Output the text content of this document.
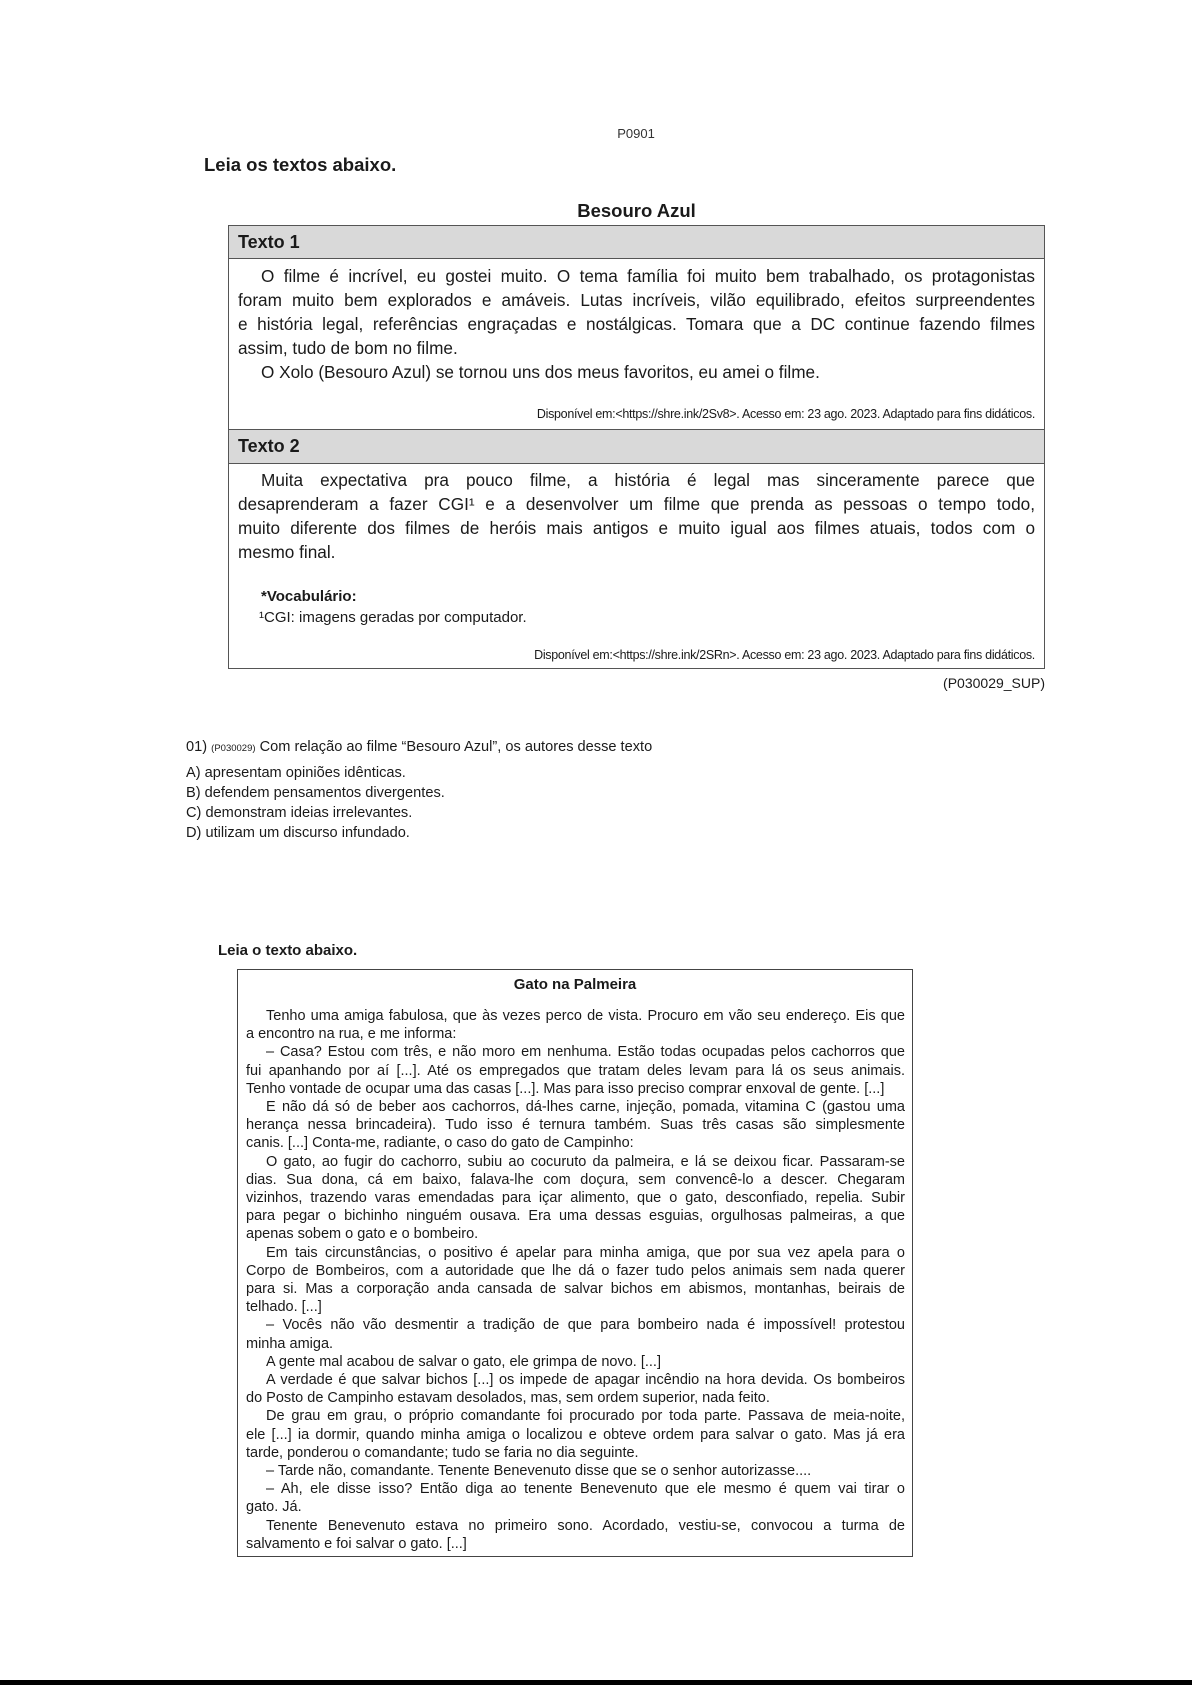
P0901
Leia os textos abaixo.
Besouro Azul
Texto 1
O filme é incrível, eu gostei muito. O tema família foi muito bem trabalhado, os protagonistas
foram muito bem explorados e amáveis. Lutas incríveis, vilão equilibrado, efeitos surpreendentes
e história legal, referências engraçadas e nostálgicas. Tomara que a DC continue fazendo filmes
assim, tudo de bom no filme.
O Xolo (Besouro Azul) se tornou uns dos meus favoritos, eu amei o filme.
Disponível em:<https://shre.ink/2Sv8>. Acesso em: 23 ago. 2023. Adaptado para fins didáticos.
Texto 2
Muita expectativa pra pouco filme, a história é legal mas sinceramente parece que
desaprenderam a fazer CGI¹ e a desenvolver um filme que prenda as pessoas o tempo todo,
muito diferente dos filmes de heróis mais antigos e muito igual aos filmes atuais, todos com o
mesmo final.
*Vocabulário:
¹CGI: imagens geradas por computador.
Disponível em:<https://shre.ink/2SRn>. Acesso em: 23 ago. 2023. Adaptado para fins didáticos.
(P030029_SUP)
01) (P030029) Com relação ao filme “Besouro Azul”, os autores desse texto
A) apresentam opiniões idênticas.
B) defendem pensamentos divergentes.
C) demonstram ideias irrelevantes.
D) utilizam um discurso infundado.
Leia o texto abaixo.
Gato na Palmeira
Tenho uma amiga fabulosa, que às vezes perco de vista. Procuro em vão seu endereço. Eis que
a encontro na rua, e me informa:
– Casa? Estou com três, e não moro em nenhuma. Estão todas ocupadas pelos cachorros que
fui apanhando por aí [...]. Até os empregados que tratam deles levam para lá os seus animais.
Tenho vontade de ocupar uma das casas [...]. Mas para isso preciso comprar enxoval de gente. [...]
E não dá só de beber aos cachorros, dá-lhes carne, injeção, pomada, vitamina C (gastou uma
herança nessa brincadeira). Tudo isso é ternura também. Suas três casas são simplesmente
canis. [...] Conta-me, radiante, o caso do gato de Campinho:
O gato, ao fugir do cachorro, subiu ao cocuruto da palmeira, e lá se deixou ficar. Passaram-se
dias. Sua dona, cá em baixo, falava-lhe com doçura, sem convencê-lo a descer. Chegaram
vizinhos, trazendo varas emendadas para içar alimento, que o gato, desconfiado, repelia. Subir
para pegar o bichinho ninguém ousava. Era uma dessas esguias, orgulhosas palmeiras, a que
apenas sobem o gato e o bombeiro.
Em tais circunstâncias, o positivo é apelar para minha amiga, que por sua vez apela para o
Corpo de Bombeiros, com a autoridade que lhe dá o fazer tudo pelos animais sem nada querer
para si. Mas a corporação anda cansada de salvar bichos em abismos, montanhas, beirais de
telhado. [...]
– Vocês não vão desmentir a tradição de que para bombeiro nada é impossível! protestou
minha amiga.
A gente mal acabou de salvar o gato, ele grimpa de novo. [...]
A verdade é que salvar bichos [...] os impede de apagar incêndio na hora devida. Os bombeiros
do Posto de Campinho estavam desolados, mas, sem ordem superior, nada feito.
De grau em grau, o próprio comandante foi procurado por toda parte. Passava de meia-noite,
ele [...] ia dormir, quando minha amiga o localizou e obteve ordem para salvar o gato. Mas já era
tarde, ponderou o comandante; tudo se faria no dia seguinte.
– Tarde não, comandante. Tenente Benevenuto disse que se o senhor autorizasse....
– Ah, ele disse isso? Então diga ao tenente Benevenuto que ele mesmo é quem vai tirar o
gato. Já.
Tenente Benevenuto estava no primeiro sono. Acordado, vestiu-se, convocou a turma de
salvamento e foi salvar o gato. [...]
